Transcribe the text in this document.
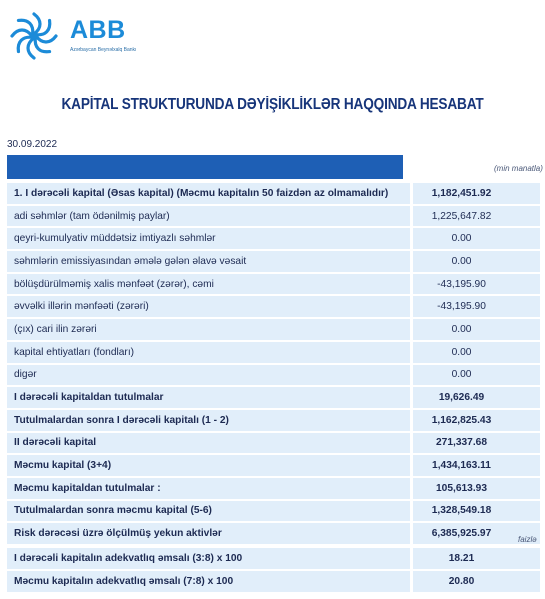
ABB
Azərbaycan Beynəlxalq Bankı
KAPİTAL STRUKTURUNDA DƏYİŞİKLİKLƏR HAQQINDA HESABAT
30.09.2022
(min manatla)
1. I dərəcəli kapital (Əsas kapital) (Məcmu kapitalın 50 faizdən az olmamalıdır)		1,182,451.92
adi səhmlər (tam ödənilmiş paylar)		1,225,647.82
qeyri-kumulyativ müddətsiz imtiyazlı səhmlər		0.00
səhmlərin emissiyasından əmələ gələn əlavə vəsait		0.00
bölüşdürülməmiş xalis mənfəət (zərər), cəmi		-43,195.90
əvvəlki illərin mənfəəti (zərəri)		-43,195.90
(çıx) cari ilin zərəri		0.00
kapital ehtiyatları (fondları)		0.00
digər		0.00
I dərəcəli kapitaldan tutulmalar		19,626.49
Tutulmalardan sonra I dərəcəli kapitalı (1 - 2)		1,162,825.43
II dərəcəli kapital		271,337.68
Məcmu kapital (3+4)		1,434,163.11
Məcmu kapitaldan tutulmalar :		105,613.93
Tutulmalardan sonra məcmu kapital (5-6)		1,328,549.18
Risk dərəcəsi üzrə ölçülmüş yekun aktivlər		6,385,925.97
faizlə
I dərəcəli kapitalın adekvatlıq əmsalı (3:8) x 100		18.21
Məcmu kapitalın adekvatlıq əmsalı (7:8) x 100		20.80
